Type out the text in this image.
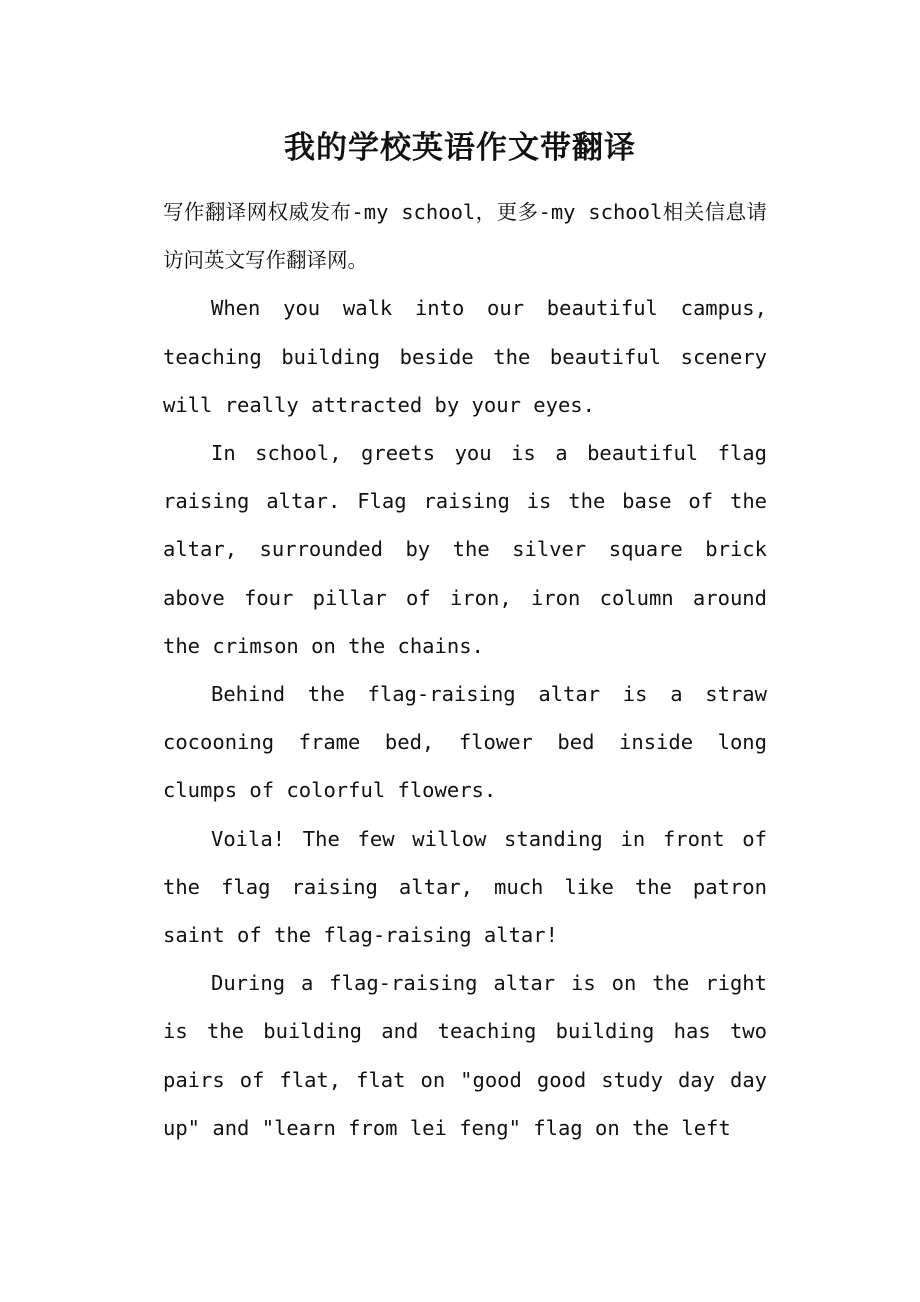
我的学校英语作文带翻译

写作翻译网权威发布-my school，更多-my school相关信息请访问英文写作翻译网。

When you walk into our beautiful campus, teaching building beside the beautiful scenery will really attracted by your eyes.

In school, greets you is a beautiful flag raising altar. Flag raising is the base of the altar, surrounded by the silver square brick above four pillar of iron, iron column around the crimson on the chains.

Behind the flag-raising altar is a straw cocooning frame bed, flower bed inside long clumps of colorful flowers.

Voila! The few willow standing in front of the flag raising altar, much like the patron saint of the flag-raising altar!

During a flag-raising altar is on the right is the building and teaching building has two pairs of flat, flat on "good good study day day up" and "learn from lei feng" flag on the left
